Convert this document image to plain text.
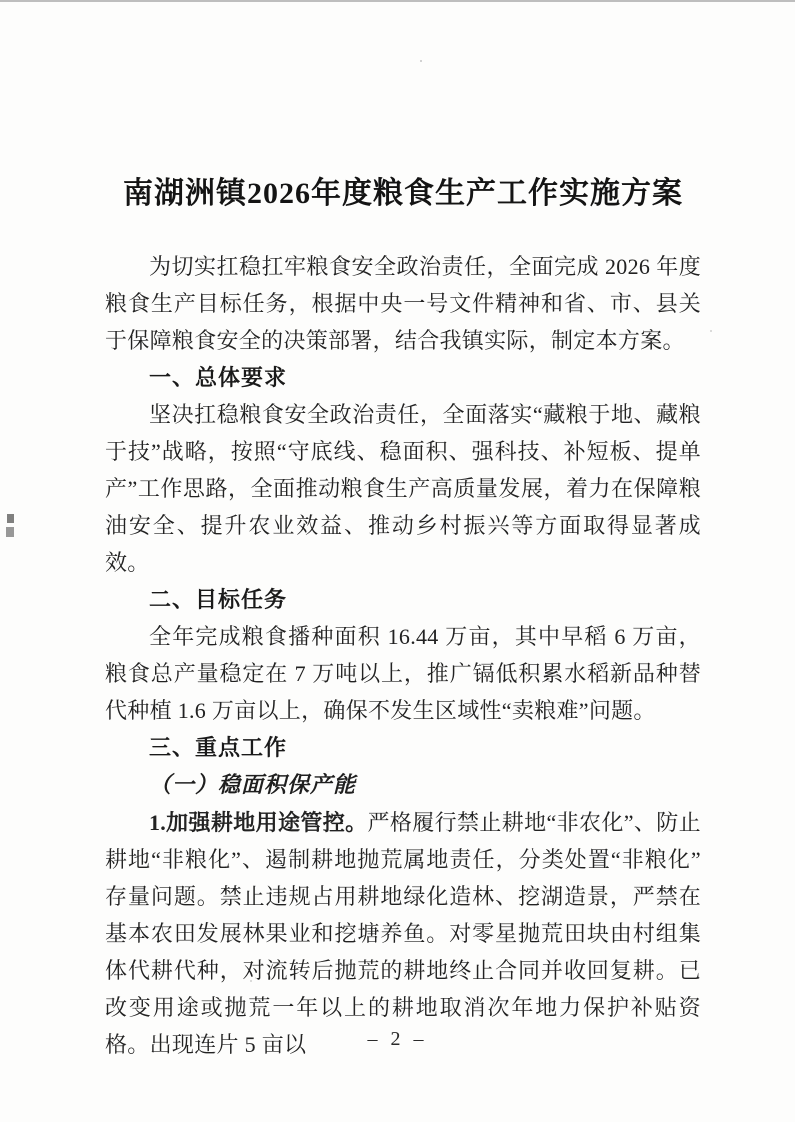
南湖洲镇2026年度粮食生产工作实施方案

为切实扛稳扛牢粮食安全政治责任，全面完成 2026 年度粮食生产目标任务，根据中央一号文件精神和省、市、县关于保障粮食安全的决策部署，结合我镇实际，制定本方案。

一、总体要求

坚决扛稳粮食安全政治责任，全面落实“藏粮于地、藏粮于技”战略，按照“守底线、稳面积、强科技、补短板、提单产”工作思路，全面推动粮食生产高质量发展，着力在保障粮油安全、提升农业效益、推动乡村振兴等方面取得显著成效。

二、目标任务

全年完成粮食播种面积 16.44 万亩，其中早稻 6 万亩，粮食总产量稳定在 7 万吨以上，推广镉低积累水稻新品种替代种植 1.6 万亩以上，确保不发生区域性“卖粮难”问题。

三、重点工作
（一）稳面积保产能

1.加强耕地用途管控。严格履行禁止耕地“非农化”、防止耕地“非粮化”、遏制耕地抛荒属地责任，分类处置“非粮化”存量问题。禁止违规占用耕地绿化造林、挖湖造景，严禁在基本农田发展林果业和挖塘养鱼。对零星抛荒田块由村组集体代耕代种，对流转后抛荒的耕地终止合同并收回复耕。已改变用途或抛荒一年以上的耕地取消次年地力保护补贴资格。出现连片 5 亩以	– 2 –
